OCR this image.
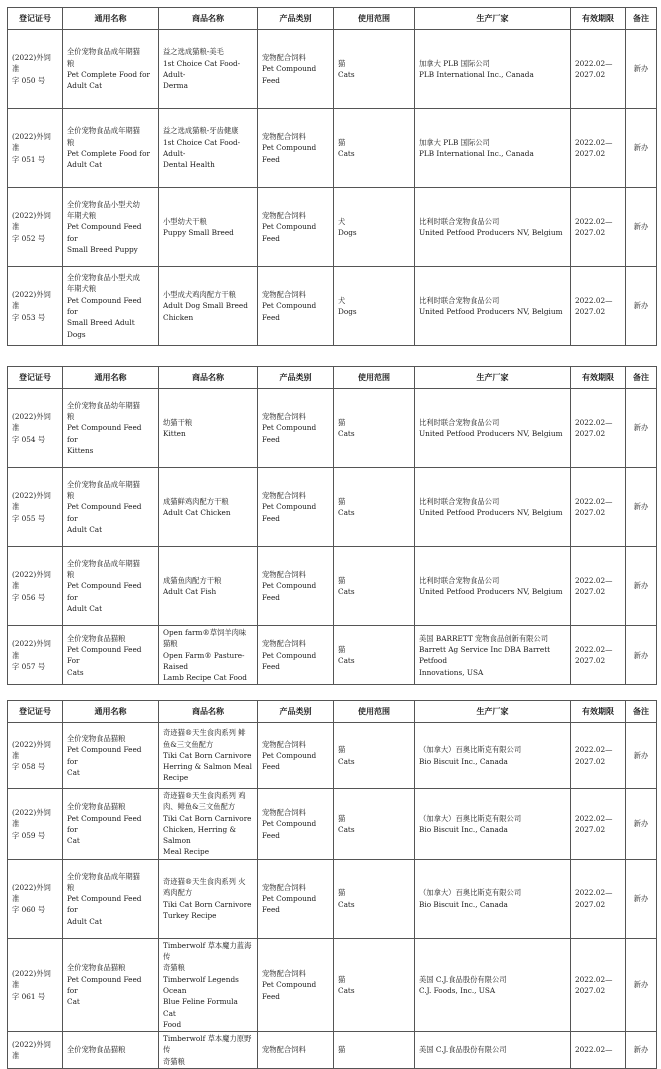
登记证号	通用名称	商品名称	产品类别	使用范围	生产厂家	有效期限	备注

(2022)外饲准
字 050 号	全价宠物食品成年期猫
粮
Pet Complete Food for
Adult Cat	益之选成猫粮-美毛
1st Choice Cat Food-Adult-
Derma	宠物配合饲料
Pet Compound Feed	猫
Cats	加拿大 PLB 国际公司
PLB International Inc., Canada	2022.02—
2027.02	新办

(2022)外饲准
字 051 号	全价宠物食品成年期猫
粮
Pet Complete Food for
Adult Cat	益之选成猫粮-牙齿健康
1st Choice Cat Food-Adult-
Dental Health	宠物配合饲料
Pet Compound Feed	猫
Cats	加拿大 PLB 国际公司
PLB International Inc., Canada	2022.02—
2027.02	新办

(2022)外饲准
字 052 号	全价宠物食品小型犬幼
年期犬粮
Pet Compound Feed for
Small Breed Puppy	小型幼犬干粮
Puppy Small Breed	宠物配合饲料
Pet Compound Feed	犬
Dogs	比利时联合宠物食品公司
United Petfood Producers NV, Belgium	2022.02—
2027.02	新办

(2022)外饲准
字 053 号	全价宠物食品小型犬成
年期犬粮
Pet Compound Feed for
Small Breed Adult Dogs	小型成犬鸡肉配方干粮
Adult Dog Small Breed
Chicken	宠物配合饲料
Pet Compound Feed	犬
Dogs	比利时联合宠物食品公司
United Petfood Producers NV, Belgium	2022.02—
2027.02	新办
登记证号	通用名称	商品名称	产品类别	使用范围	生产厂家	有效期限	备注

(2022)外饲准
字 054 号	全价宠物食品幼年期猫
粮
Pet Compound Feed for
Kittens	幼猫干粮
Kitten	宠物配合饲料
Pet Compound Feed	猫
Cats	比利时联合宠物食品公司
United Petfood Producers NV, Belgium	2022.02—
2027.02	新办

(2022)外饲准
字 055 号	全价宠物食品成年期猫
粮
Pet Compound Feed for
Adult Cat	成猫鲜鸡肉配方干粮
Adult Cat Chicken	宠物配合饲料
Pet Compound Feed	猫
Cats	比利时联合宠物食品公司
United Petfood Producers NV, Belgium	2022.02—
2027.02	新办

(2022)外饲准
字 056 号	全价宠物食品成年期猫
粮
Pet Compound Feed for
Adult Cat	成猫鱼肉配方干粮
Adult Cat Fish	宠物配合饲料
Pet Compound Feed	猫
Cats	比利时联合宠物食品公司
United Petfood Producers NV, Belgium	2022.02—
2027.02	新办

(2022)外饲准
字 057 号	全价宠物食品猫粮
Pet Compound Feed For
Cats	Open farm®草饲羊肉味猫粮
Open Farm® Pasture-Raised
Lamb Recipe Cat Food	宠物配合饲料
Pet Compound Feed	猫
Cats	美国 BARRETT 宠物食品创新有限公司
Barrett Ag Service Inc DBA Barrett Petfood
Innovations, USA	2022.02—
2027.02	新办
登记证号	通用名称	商品名称	产品类别	使用范围	生产厂家	有效期限	备注

(2022)外饲准
字 058 号	全价宠物食品猫粮
Pet Compound Feed for
Cat	奇迹猫®天生食肉系列 鲱
鱼&三文鱼配方
Tiki Cat Born Carnivore
Herring & Salmon Meal
Recipe	宠物配合饲料
Pet Compound Feed	猫
Cats	（加拿大）百奥比斯克有限公司
Bio Biscuit Inc., Canada	2022.02—
2027.02	新办

(2022)外饲准
字 059 号	全价宠物食品猫粮
Pet Compound Feed for
Cat	奇迹猫®天生食肉系列 鸡
肉、鲱鱼&三文鱼配方
Tiki Cat Born Carnivore
Chicken, Herring & Salmon
Meal Recipe	宠物配合饲料
Pet Compound Feed	猫
Cats	（加拿大）百奥比斯克有限公司
Bio Biscuit Inc., Canada	2022.02—
2027.02	新办

(2022)外饲准
字 060 号	全价宠物食品成年期猫
粮
Pet Compound Feed for
Adult Cat	奇迹猫®天生食肉系列 火
鸡肉配方
Tiki Cat Born Carnivore
Turkey Recipe	宠物配合饲料
Pet Compound Feed	猫
Cats	（加拿大）百奥比斯克有限公司
Bio Biscuit Inc., Canada	2022.02—
2027.02	新办

(2022)外饲准
字 061 号	全价宠物食品猫粮
Pet Compound Feed for
Cat	Timberwolf 草本魔力蓝海传
奇猫粮
Timberwolf Legends Ocean
Blue Feline Formula Cat
Food	宠物配合饲料
Pet Compound Feed	猫
Cats	美国 C.J.食品股份有限公司
C.J. Foods, Inc., USA	2022.02—
2027.02	新办

(2022)外饲准	全价宠物食品猫粮	Timberwolf 草本魔力原野传
奇猫粮	宠物配合饲料	猫	美国 C.J.食品股份有限公司	2022.02—	新办
